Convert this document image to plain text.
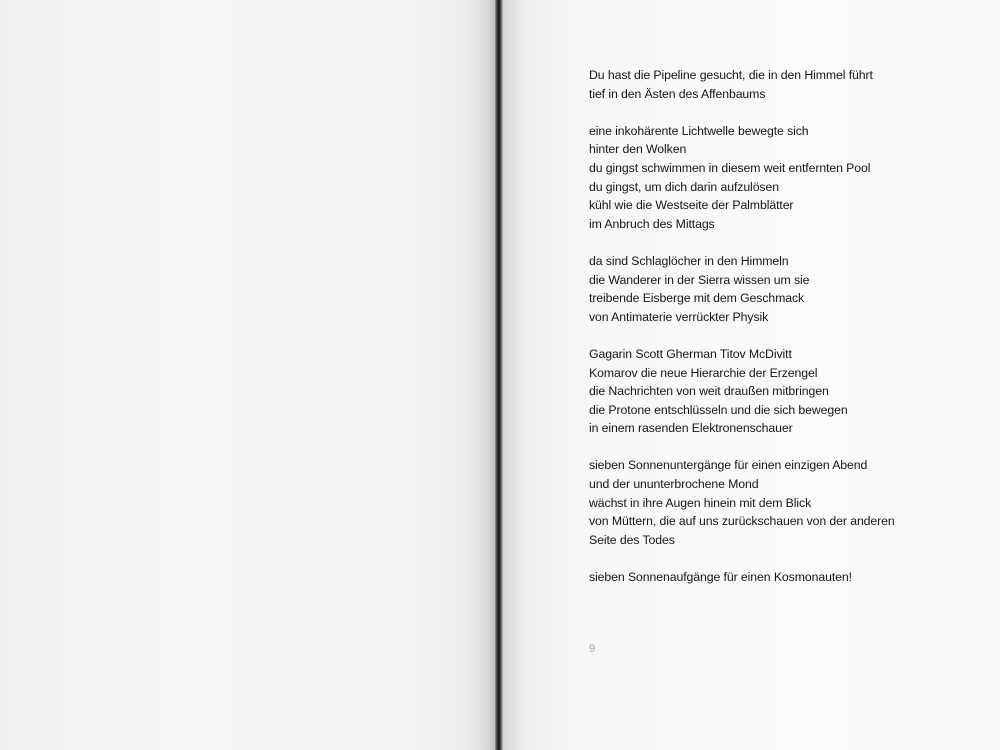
Du hast die Pipeline gesucht, die in den Himmel führt
tief in den Ästen des Affenbaums
eine inkohärente Lichtwelle bewegte sich
hinter den Wolken
du gingst schwimmen in diesem weit entfernten Pool
du gingst, um dich darin aufzulösen
kühl wie die Westseite der Palmblätter
im Anbruch des Mittags
da sind Schlaglöcher in den Himmeln
die Wanderer in der Sierra wissen um sie
treibende Eisberge mit dem Geschmack
von Antimaterie verrückter Physik
Gagarin Scott Gherman Titov McDivitt
Komarov die neue Hierarchie der Erzengel
die Nachrichten von weit draußen mitbringen
die Protone entschlüsseln und die sich bewegen
in einem rasenden Elektronenschauer
sieben Sonnenuntergänge für einen einzigen Abend
und der ununterbrochene Mond
wächst in ihre Augen hinein mit dem Blick
von Müttern, die auf uns zurückschauen von der anderen
Seite des Todes
sieben Sonnenaufgänge für einen Kosmonauten!
9
